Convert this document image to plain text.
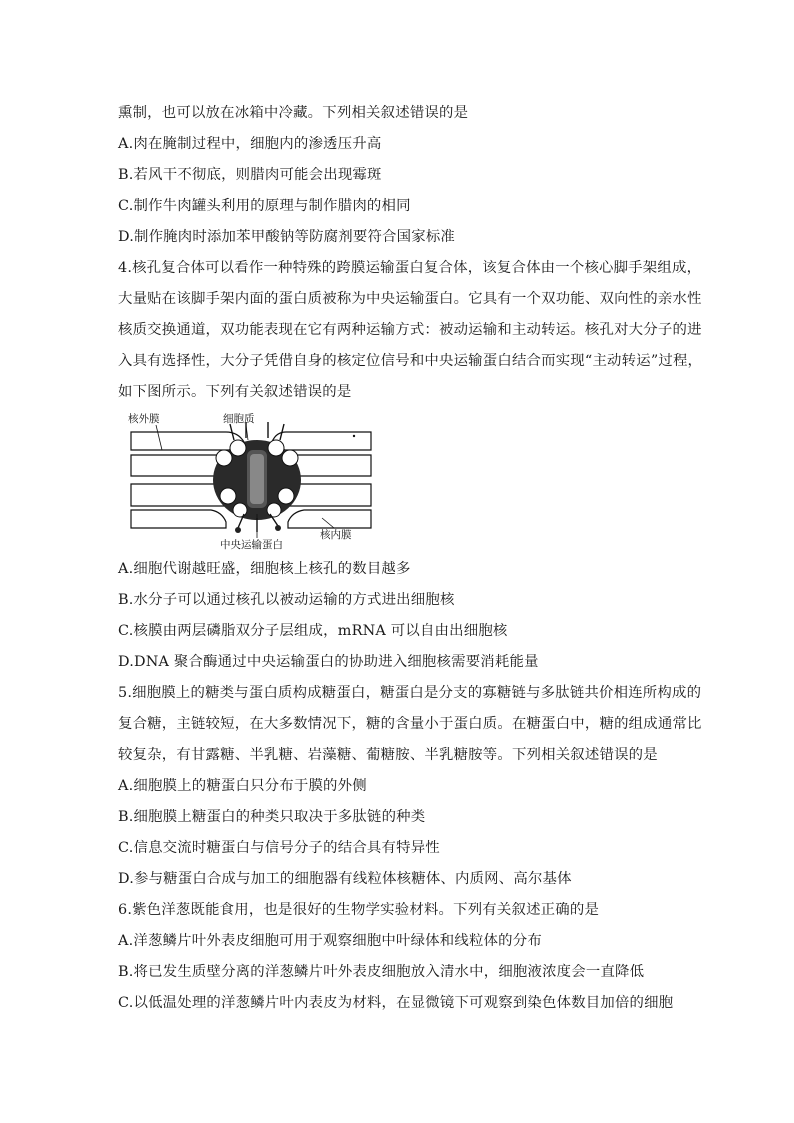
熏制，也可以放在冰箱中冷藏。下列相关叙述错误的是
A.肉在腌制过程中，细胞内的渗透压升高
B.若风干不彻底，则腊肉可能会出现霉斑
C.制作牛肉罐头利用的原理与制作腊肉的相同
D.制作腌肉时添加苯甲酸钠等防腐剂要符合国家标准
4.核孔复合体可以看作一种特殊的跨膜运输蛋白复合体，该复合体由一个核心脚手架组成，
大量贴在该脚手架内面的蛋白质被称为中央运输蛋白。它具有一个双功能、双向性的亲水性
核质交换通道，双功能表现在它有两种运输方式：被动运输和主动转运。核孔对大分子的进
入具有选择性，大分子凭借自身的核定位信号和中央运输蛋白结合而实现“主动转运”过程，
如下图所示。下列有关叙述错误的是
核外膜	细胞质
中央运输蛋白
核内膜
A.细胞代谢越旺盛，细胞核上核孔的数目越多
B.水分子可以通过核孔以被动运输的方式进出细胞核
C.核膜由两层磷脂双分子层组成，mRNA 可以自由出细胞核
D.DNA 聚合酶通过中央运输蛋白的协助进入细胞核需要消耗能量
5.细胞膜上的糖类与蛋白质构成糖蛋白，糖蛋白是分支的寡糖链与多肽链共价相连所构成的
复合糖，主链较短，在大多数情况下，糖的含量小于蛋白质。在糖蛋白中，糖的组成通常比
较复杂，有甘露糖、半乳糖、岩藻糖、葡糖胺、半乳糖胺等。下列相关叙述错误的是
A.细胞膜上的糖蛋白只分布于膜的外侧
B.细胞膜上糖蛋白的种类只取决于多肽链的种类
C.信息交流时糖蛋白与信号分子的结合具有特异性
D.参与糖蛋白合成与加工的细胞器有线粒体核糖体、内质网、高尔基体
6.紫色洋葱既能食用，也是很好的生物学实验材料。下列有关叙述正确的是
A.洋葱鳞片叶外表皮细胞可用于观察细胞中叶绿体和线粒体的分布
B.将已发生质壁分离的洋葱鳞片叶外表皮细胞放入清水中，细胞液浓度会一直降低
C.以低温处理的洋葱鳞片叶内表皮为材料，在显微镜下可观察到染色体数目加倍的细胞
